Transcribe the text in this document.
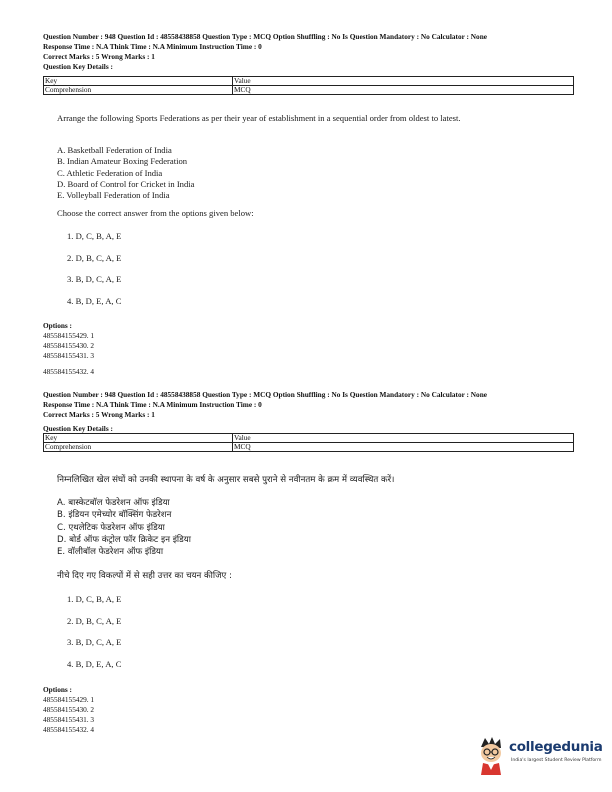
Question Number : 948 Question Id : 48558438858 Question Type : MCQ Option Shuffling : No Is Question Mandatory : No Calculator : None
Response Time : N.A Think Time : N.A Minimum Instruction Time : 0
Correct Marks : 5 Wrong Marks : 1
Question Key Details :
Key	Value
Comprehension	MCQ

Arrange the following Sports Federations as per their year of establishment in a sequential order from oldest to latest.

A. Basketball Federation of India

B. Indian Amateur Boxing Federation

C. Athletic Federation of India

D. Board of Control for Cricket in India

E. Volleyball Federation of India

Choose the correct answer from the options given below:
1. D, C, B, A, E
2. D, B, C, A, E
3. B, D, C, A, E
4. B, D, E, A, C
Options :
485584155429. 1
485584155430. 2
485584155431. 3
485584155432. 4
Question Number : 948 Question Id : 48558438858 Question Type : MCQ Option Shuffling : No Is Question Mandatory : No Calculator : None
Response Time : N.A Think Time : N.A Minimum Instruction Time : 0
Correct Marks : 5 Wrong Marks : 1
Question Key Details :
Key	Value
Comprehension	MCQ
निम्नलिखित खेल संघों को उनकी स्थापना के वर्ष के अनुसार सबसे पुराने से नवीनतम के क्रम में व्यवस्थित करें।

A. बास्केटबॉल फेडरेशन ऑफ इंडिया

B. इंडियन एमेच्योर बॉक्सिंग फेडरेशन

C. एथलेटिक फेडरेशन ऑफ इंडिया

D. बोर्ड ऑफ कंट्रोल फॉर क्रिकेट इन इंडिया

E. वॉलीबॉल फेडरेशन ऑफ इंडिया

नीचे दिए गए विकल्पों में से सही उत्तर का चयन कीजिए :
1. D, C, B, A, E
2. D, B, C, A, E
3. B, D, C, A, E
4. B, D, E, A, C
Options :
485584155429. 1
485584155430. 2
485584155431. 3
485584155432. 4
collegedunia
India's largest Student Review Platform
